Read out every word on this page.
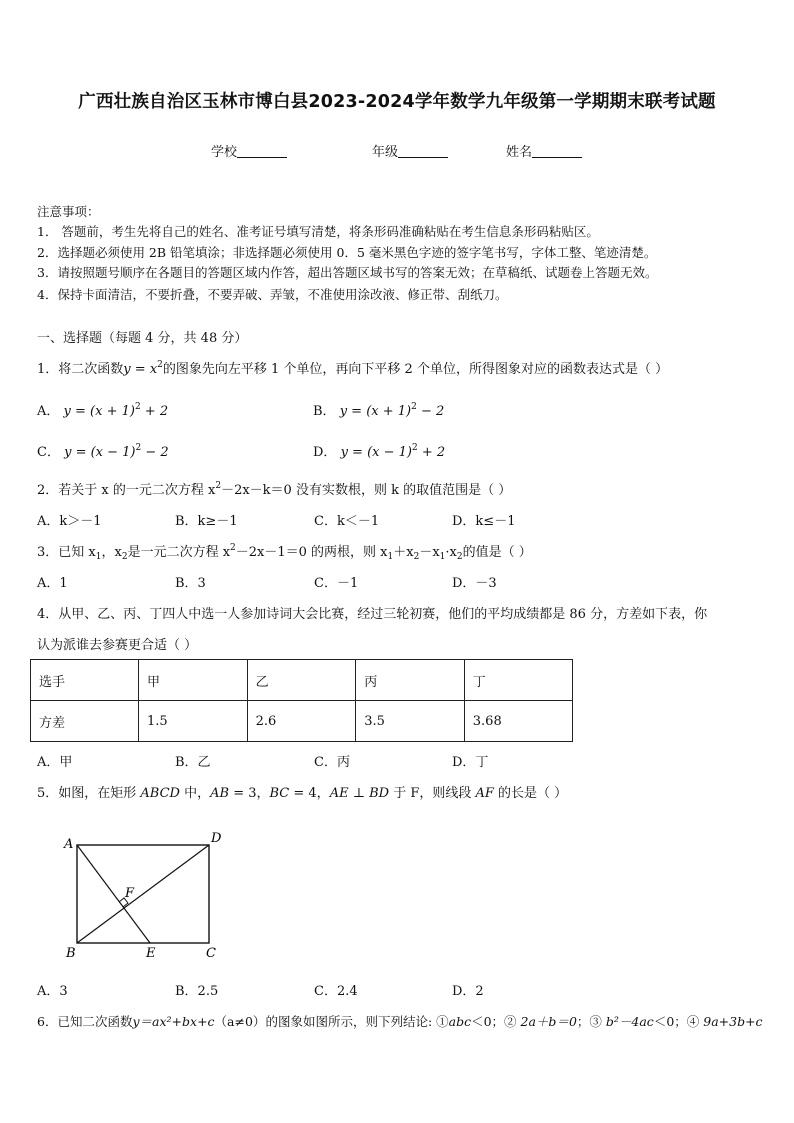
广西壮族自治区玉林市博白县2023-2024学年数学九年级第一学期期末联考试题
学校	年级	姓名
注意事项：
1． 答题前，考生先将自己的姓名、准考证号填写清楚，将条形码准确粘贴在考生信息条形码粘贴区。
2．选择题必须使用 2B 铅笔填涂；非选择题必须使用 0．5 毫米黑色字迹的签字笔书写，字体工整、笔迹清楚。
3．请按照题号顺序在各题目的答题区域内作答，超出答题区域书写的答案无效；在草稿纸、试题卷上答题无效。
4．保持卡面清洁，不要折叠，不要弄破、弄皱，不准使用涂改液、修正带、刮纸刀。
一、选择题（每题 4 分，共 48 分）
1．将二次函数$y = x^2$的图象先向左平移 1 个单位，再向下平移 2 个单位，所得图象对应的函数表达式是（ ）
A． $y = (x + 1)^2 + 2$	B． $y = (x + 1)^2 - 2$
C． $y = (x - 1)^2 - 2$	D． $y = (x - 1)^2 + 2$
2．若关于 x 的一元二次方程 $x^2-2x-k=0$ 没有实数根，则 k 的取值范围是（ ）
A．k＞－1	B．k≥－1	C．k＜－1	D．k≤－1
3．已知 $x_1$，$x_2$是一元二次方程 $x^2-2x-1=0$ 的两根，则 $x_1+x_2-x_1\cdot x_2$的值是（ ）
A．1	B．3	C．－1	D．－3
4．从甲、乙、丙、丁四人中选一人参加诗词大会比赛，经过三轮初赛，他们的平均成绩都是 86 分，方差如下表，你
认为派谁去参赛更合适（ ）
选手	甲	乙	丙	丁
方差	1.5	2.6	3.5	3.68
A．甲	B．乙	C．丙	D．丁
5．如图，在矩形 ABCD 中，AB = 3，BC = 4，AE ⊥ BD 于 F，则线段 AF 的长是（ ）
A
B	C
D
E
F
A．3	B．2.5	C．2.4	D．2
6．已知二次函数y＝ax²+bx+c（a≠0）的图象如图所示，则下列结论: ①abc＜0；② 2a＋b＝0；③ b²－4ac＜0；④ 9a+3b+c
